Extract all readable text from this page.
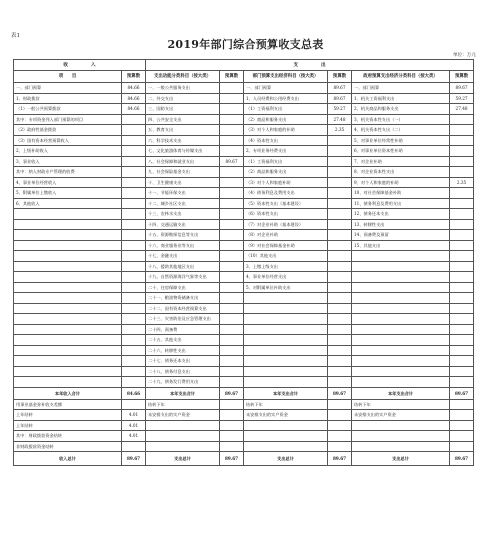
表1
2019年部门综合预算收支总表
单位：万元
收　　　　　入		支　　　　　出					
项　　目	预算数	支出功能分类科目（按大类）	预算数	部门预算支出经济科目（按大类）	预算数	政府预算支出经济分类科目（按大类）	预算数
一、部门预算	84.66	一、一般公共服务支出		一、部门预算	89.67	一、部门预算	89.67
1、财政拨款	84.66	二、外交支出		1、人员经费和公用经费支出	89.67	1、机关工资福利支出	59.27
（1）一般公共预算拨款	84.66	三、国防支出		（1）工资福利支出	59.27	2、机关商品和服务支出	27.48
其中：专项资金列入部门预算的项目		四、公共安全支出		（2）商品和服务支出	27.48	3、机关资本性支出（一）	
（2）政府性基金拨款		五、教育支出		（3）对个人和家庭的补助	2.35	4、机关资本性支出（二）	
（3）国有资本经营预算收入		六、科学技术支出		（4）资本性支出		5、对事业单位经常性补助	
2、上级补助收入		七、文化旅游体育与传媒支出		2、专项业务经费支出		6、对事业单位资本性补助	
3、事业收入		八、社会保障和就业支出	89.67	（1）工资福利支出		7、对企业补助	
其中：纳入财政专户管理的收费		九、社会保险基金支出		（2）商品和服务支出		8、对企业资本性支出	
4、事业单位经营收入		十、卫生健康支出		（3）对个人和家庭补助		9、对个人和家庭的补助	2.35
5、附属单位上缴收入		十一、节能环保支出		（4）债务利息及费用支出		10、对社会保障基金补助	
6、其他收入		十二、城乡社区支出		（5）资本性支出（基本建设）		11、债务利息及费用支出	
		十三、农林水支出		（6）资本性支出		12、债务还本支出	
		十四、交通运输支出		（7）对企业补助（基本建设）		13、转移性支出	
		十五、资源勘探信息等支出		（8）对企业补助		14、预备费及预留	
		十六、商业服务业等支出		（9）对社会保障基金补助		15、其他支出	
		十七、金融支出		（10）其他支出			
		十八、援助其他地区支出		3、上缴上级支出			
		十九、自然资源海洋气象等支出		4、事业单位经营支出			
		二十、住房保障支出		5、对附属单位补助支出			
		二十一、粮油物资储备支出					
		二十二、国有资本经营预算支出					
		二十三、灾害防治及应急管理支出					
		二十四、预备费					
		二十五、其他支出					
		二十六、转移性支出					
		二十七、债务还本支出					
		二十八、债务付息支出					
		二十九、债务发行费用支出					
本年收入合计	84.66	本年支出合计	89.67	本年支出合计	89.67	本年支出合计	89.67
用事业基金弥补收支差额		结转下年		结转下年		结转下年	
上年结转	4.01	未安排支出的实户资金		未安排支出的实户资金		未安排支出的实户资金	
上年结转	4.01						
其中：财政拨款资金结转	4.01						
非财政拨款资金结转							
收入总计	89.67	支出总计	89.67	支出总计	89.67	支出总计	89.67
